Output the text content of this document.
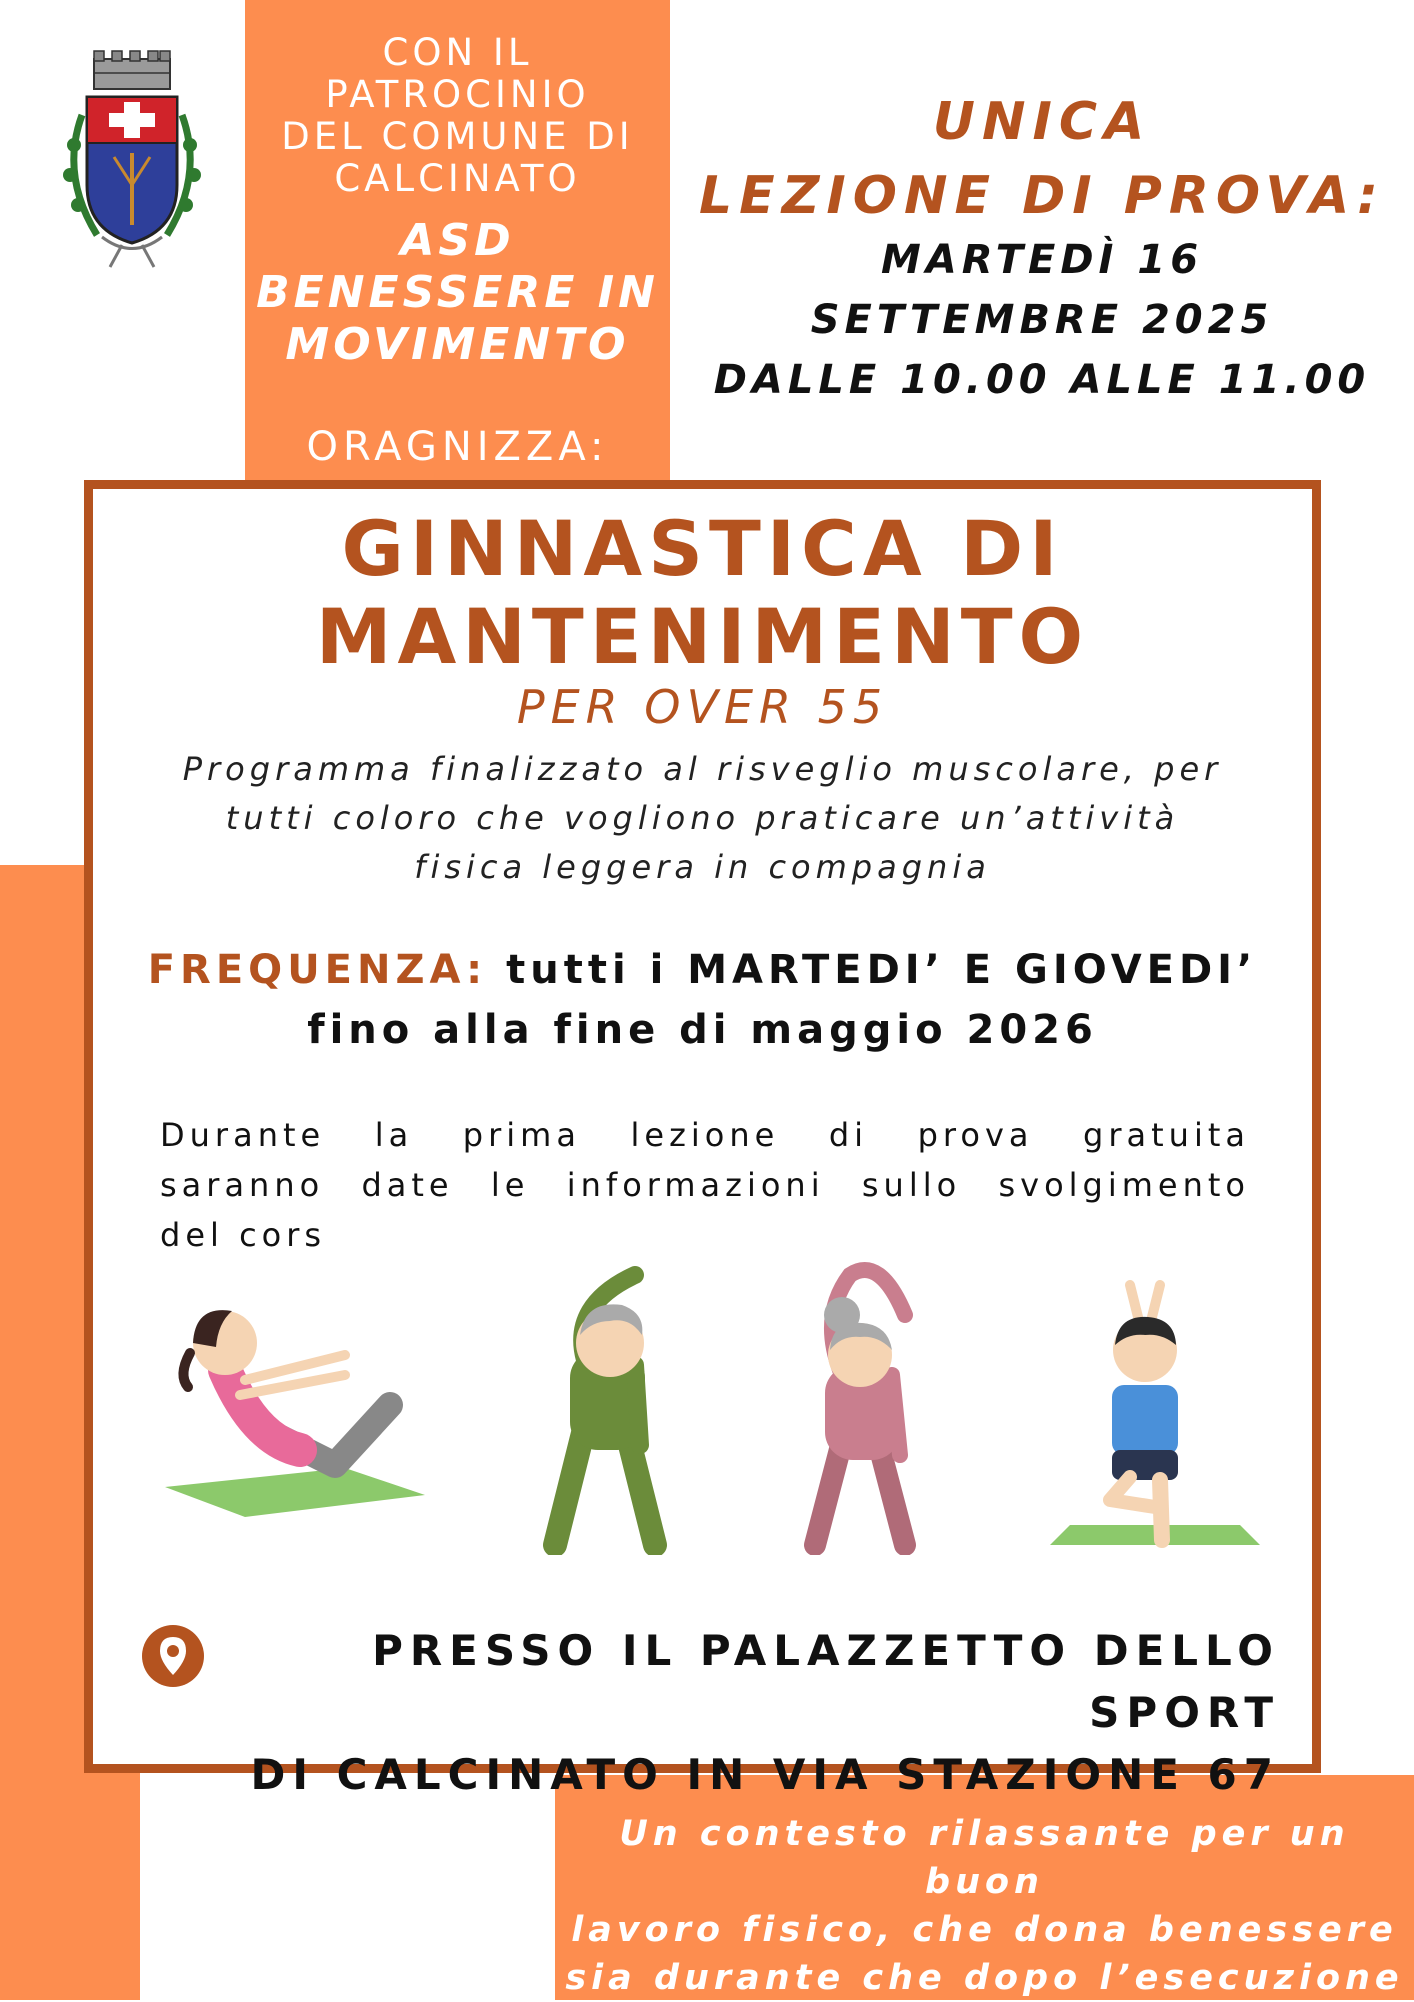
CON IL
PATROCINIO
DEL COMUNE DI
CALCINATO
ASD
BENESSERE IN
MOVIMENTO
ORAGNIZZA:
UNICA
LEZIONE DI PROVA:
MARTEDÌ 16
SETTEMBRE 2025
DALLE 10.00 ALLE 11.00
GINNASTICA DI
MANTENIMENTO
PER OVER 55
Programma finalizzato al risveglio muscolare, per
tutti coloro che vogliono praticare un’attività
fisica leggera in compagnia
FREQUENZA: tutti i MARTEDI’ E GIOVEDI’
fino alla fine di maggio 2026
Durante la prima lezione di prova gratuita
saranno date le informazioni sullo svolgimento
del cors
PRESSO IL PALAZZETTO DELLO SPORT
DI CALCINATO IN VIA STAZIONE 67
Un contesto rilassante per un buon
lavoro fisico, che dona benessere
sia durante che dopo l’esecuzione
